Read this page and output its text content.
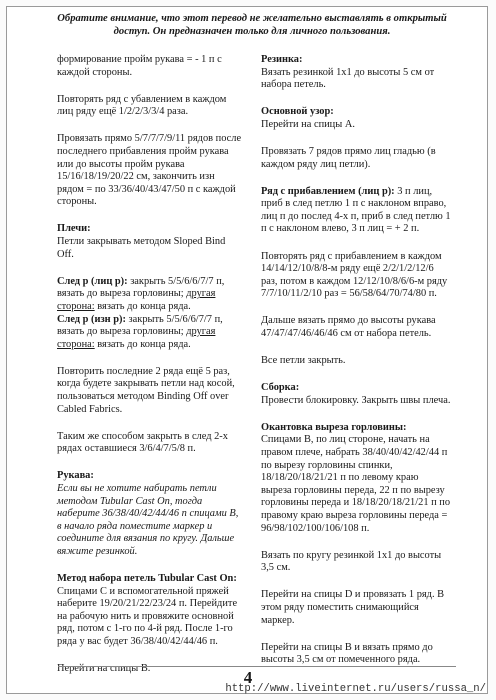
Обратите внимание, что этот перевод не желательно выставлять в открытый доступ. Он предназначен только для личного пользования.

формирование пройм рукава = - 1 п с каждой стороны.

Повторять ряд с убавлением в каждом лиц ряду ещё 1/2/2/3/3/4 раза.

Провязать прямо 5/7/7/7/9/11 рядов после последнего прибавления пройм рукава или до высоты пройм рукава 15/16/18/19/20/22 см, закончить изн рядом = по 33/36/40/43/47/50 п с каждой стороны.

Плечи:
Петли закрывать методом Sloped Bind Off.

След р (лиц р): закрыть 5/5/6/6/7/7 п, вязать до выреза горловины; другая сторона: вязать до конца ряда.

След р (изн р): закрыть 5/5/6/6/7/7 п, вязать до выреза горловины; другая сторона: вязать до конца ряда.

Повторить последние 2 ряда ещё 5 раз, когда будете закрывать петли над косой, пользоваться методом Binding Off over Cabled Fabrics.

Таким же способом закрыть в след 2-х рядах оставшиеся 3/6/4/7/5/8 п.

Рукава:
Если вы не хотите набирать петли методом Tubular Cast On, тогда наберите 36/38/40/42/44/46 п спицами В, в начало ряда поместите маркер и соедините для вязания по кругу. Дальше вяжите резинкой.

Метод набора петель Tubular Cast On:
Спицами С и вспомогательной пряжей наберите 19/20/21/22/23/24 п. Перейдите на рабочую нить и провяжите основной ряд, потом с 1-го по 4-й ряд. После 1-го ряда у вас будет 36/38/40/42/44/46 п.

Перейти на спицы В.

Резинка:
Вязать резинкой 1х1 до высоты 5 см от набора петель.

Основной узор:
Перейти на спицы А.

Провязать 7 рядов прямо лиц гладью (в каждом ряду лиц петли).

Ряд с прибавлением (лиц р): 3 п лиц, приб в след петлю 1 п с наклоном вправо, лиц п до послед 4-х п, приб в след петлю 1 п с наклоном влево, 3 п лиц = + 2 п.

Повторять ряд с прибавлением в каждом 14/14/12/10/8/8-м ряду ещё 2/2/1/2/12/6 раз, потом в каждом 12/12/10/8/6/6-м ряду 7/7/10/11/2/10 раз = 56/58/64/70/74/80 п.

Дальше вязать прямо до высоты рукава 47/47/47/46/46/46 см от набора петель.

Все петли закрыть.

Сборка:
Провести блокировку. Закрыть швы плеча.

Окантовка выреза горловины:
Спицами В, по лиц стороне, начать на правом плече, набрать 38/40/40/42/42/44 п по вырезу горловины спинки, 18/18/20/18/21/21 п по левому краю выреза горловины переда, 22 п по вырезу горловины переда и 18/18/20/18/21/21 п по правому краю выреза горловины переда = 96/98/102/100/106/108 п.

Вязать по кругу резинкой 1х1 до высоты 3,5 см.

Перейти на спицы D и провязать 1 ряд. В этом ряду поместить снимающийся маркер.

Перейти на спицы В и вязать прямо до высоты 3,5 см от помеченного ряда.

4
http://www.liveinternet.ru/users/russa_n/
